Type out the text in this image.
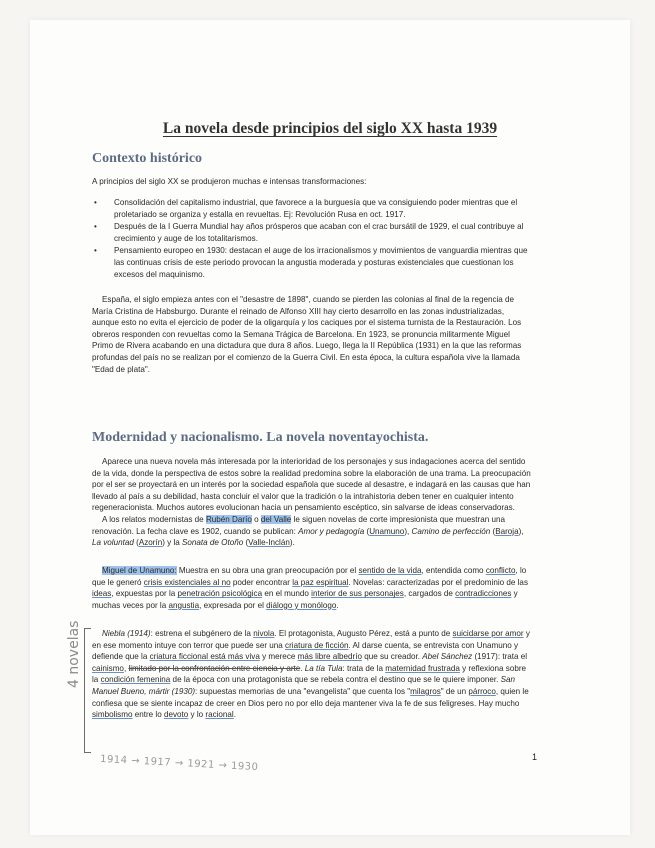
La novela desde principios del siglo XX hasta 1939
Contexto histórico

A principios del siglo XX se produjeron muchas e intensas transformaciones:

• Consolidación del capitalismo industrial, que favorece a la burguesía que va consiguiendo poder mientras que el proletariado se organiza y estalla en revueltas. Ej: Revolución Rusa en oct. 1917.
• Después de la I Guerra Mundial hay años prósperos que acaban con el crac bursátil de 1929, el cual contribuye al crecimiento y auge de los totalitarismos.
• Pensamiento europeo en 1930: destacan el auge de los irracionalismos y movimientos de vanguardia mientras que las continuas crisis de este periodo provocan la angustia moderada y posturas existenciales que cuestionan los excesos del maquinismo.

España, el siglo empieza antes con el "desastre de 1898", cuando se pierden las colonias al final de la regencia de María Cristina de Habsburgo. Durante el reinado de Alfonso XIII hay cierto desarrollo en las zonas industrializadas, aunque esto no evita el ejercicio de poder de la oligarquía y los caciques por el sistema turnista de la Restauración. Los obreros responden con revueltas como la Semana Trágica de Barcelona. En 1923, se pronuncia militarmente Miguel Primo de Rivera acabando en una dictadura que dura 8 años. Luego, llega la II República (1931) en la que las reformas profundas del país no se realizan por el comienzo de la Guerra Civil. En esta época, la cultura española vive la llamada "Edad de plata".

Modernidad y nacionalismo. La novela noventayochista.

Aparece una nueva novela más interesada por la interioridad de los personajes y sus indagaciones acerca del sentido de la vida, donde la perspectiva de estos sobre la realidad predomina sobre la elaboración de una trama. La preocupación por el ser se proyectará en un interés por la sociedad española que sucede al desastre, e indagará en las causas que han llevado al país a su debilidad, hasta concluir el valor que la tradición o la intrahistoria deben tener en cualquier intento regeneracionista. Muchos autores evolucionan hacia un pensamiento escéptico, sin salvarse de ideas conservadoras.

A los relatos modernistas de Rubén Darío o del Valle le siguen novelas de corte impresionista que muestran una renovación. La fecha clave es 1902, cuando se publican: Amor y pedagogía (Unamuno), Camino de perfección (Baroja), La voluntad (Azorín) y la Sonata de Otoño (Valle-Inclán).

Miguel de Unamuno: Muestra en su obra una gran preocupación por el sentido de la vida, entendida como conflicto, lo que le generó crisis existenciales al no poder encontrar la paz espiritual. Novelas: caracterizadas por el predominio de las ideas, expuestas por la penetración psicológica en el mundo interior de sus personajes, cargados de contradicciones y muchas veces por la angustia, expresada por el diálogo y monólogo.

Niebla (1914): estrena el subgénero de la nivola. El protagonista, Augusto Pérez, está a punto de suicidarse por amor y en ese momento intuye con terror que puede ser una criatura de ficción. Al darse cuenta, se entrevista con Unamuno y defiende que la criatura ficcional está más viva y merece más libre albedrío que su creador. Abel Sánchez (1917): trata el cainismo, limitado por la confrontación entre ciencia y arte. La tía Tula: trata de la maternidad frustrada y reflexiona sobre la condición femenina de la época con una protagonista que se rebela contra el destino que se le quiere imponer. San Manuel Bueno, mártir (1930): supuestas memorias de una "evangelista" que cuenta los "milagros" de un párroco, quien le confiesa que se siente incapaz de creer en Dios pero no por ello deja mantener viva la fe de sus feligreses. Hay mucho simbolismo entre lo devoto y lo racional.

4 novelas
1914 → 1917 → 1921 → 1930	1
